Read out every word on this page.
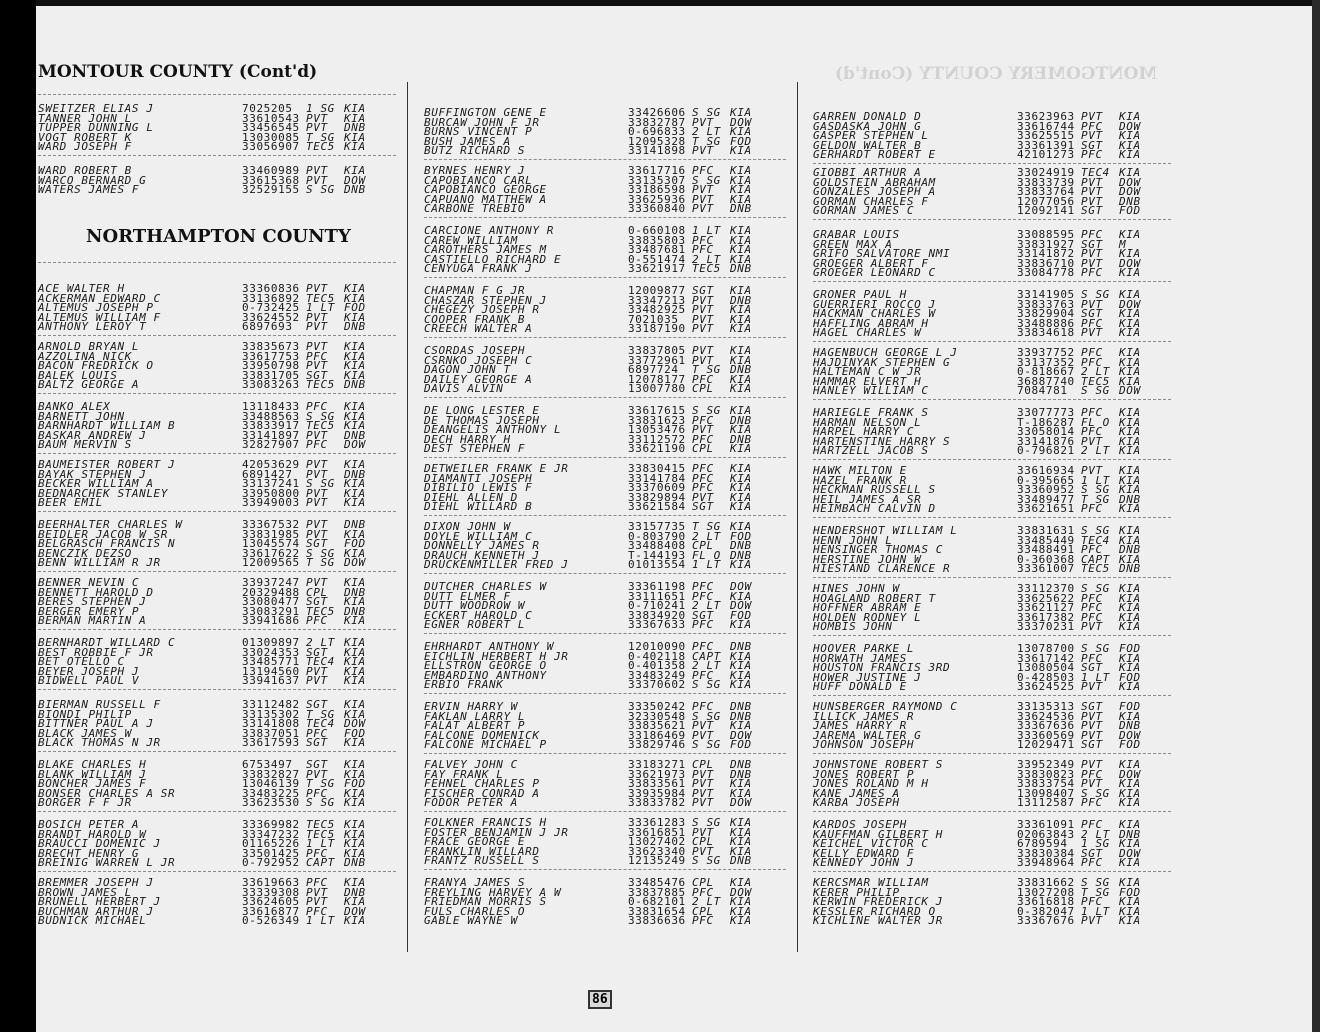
MONTGOMERY COUNTY (Cont'd)
MONTOUR COUNTY (Cont'd)
NORTHAMPTON COUNTY
SWEITZER ELIAS J	7025205 1 SG KIA
TANNER JOHN L	33610543 PVT KIA
TUPPER DUNNING L	33456545 PVT DNB
VOGT ROBERT K	13030085 T SG KIA
WARD JOSEPH F	33056907 TEC5 KIA
WARD ROBERT B	33460989 PVT KIA
WARCO BERNARD G	33615368 PVT DOW
WATERS JAMES F	32529155 S SG DNB
ACE WALTER H	33360836 PVT KIA
ACKERMAN EDWARD C	33136892 TEC5 KIA
ALTEMUS JOSEPH P	0-732425 1 LT FOD
ALTEMUS WILLIAM F	33624552 PVT KIA
ANTHONY LEROY T	6897693 PVT DNB
ARNOLD BRYAN L	33835673 PVT KIA
AZZOLINA NICK	33617753 PFC KIA
BACON FREDRICK O	33950798 PVT KIA
BALEK LOUIS	33831705 SGT KIA
BALTZ GEORGE A	33083263 TEC5 DNB
BANKO ALEX	13118433 PFC KIA
BARNETT JOHN	33488563 S SG KIA
BARNHARDT WILLIAM B	33833917 TEC5 KIA
BASKAR ANDREW J	33141897 PVT DNB
BAUM MERVIN S	32827907 PFC DOW
BAUMEISTER ROBERT J	42053629 PVT KIA
BAYAK STEPHEN J	6891427 PVT DNB
BECKER WILLIAM A	33137241 S SG KIA
BEDNARCHEK STANLEY	33950800 PVT KIA
BEER EMIL	33949003 PVT KIA
BEERHALTER CHARLES W	33367532 PVT DNB
BEIDLER JACOB W SR	33831985 PVT KIA
BELGRASCH FRANCIS N	13045574 SGT FOD
BENCZIK DEZSO	33617622 S SG KIA
BENN WILLIAM R JR	12009565 T SG DOW
BENNER NEVIN C	33937247 PVT KIA
BENNETT HAROLD D	20329488 CPL DNB
BERES STEPHEN J	33080477 SGT KIA
BERGER EMERY P	33083291 TEC5 DNB
BERMAN MARTIN A	33941686 PFC KIA
BERNHARDT WILLARD C	01309897 2 LT KIA
BEST ROBBIE F JR	33024353 SGT KIA
BET OTELLO C	33485771 TEC4 KIA
BEYER JOSEPH J	13194560 PVT KIA
BIDWELL PAUL V	33941637 PVT KIA
BIERMAN RUSSELL F	33112482 SGT KIA
BIONDI PHILIP	33135302 T SG KIA
BITTNER PAUL A J	33141808 TEC4 DOW
BLACK JAMES W	33837051 PFC FOD
BLACK THOMAS N JR	33617593 SGT KIA
BLAKE CHARLES H	6753497 SGT KIA
BLANK WILLIAM J	33832827 PVT KIA
BONCHER JAMES F	13046139 T SG FOD
BONSER CHARLES A SR	33483225 PFC KIA
BORGER F F JR	33623530 S SG KIA
BOSICH PETER A	33369982 TEC5 KIA
BRANDT HAROLD W	33347232 TEC5 KIA
BRAUCCI DOMENIC J	01165226 1 LT KIA
BRECHT HENRY G	33501425 PFC KIA
BREINIG WARREN L JR	0-792952 CAPT DNB
BREMMER JOSEPH J	33619663 PFC KIA
BROWN JAMES L	33339308 PVT DNB
BRUNELL HERBERT J	33624605 PVT KIA
BUCHMAN ARTHUR J	33616877 PFC DOW
BUDNICK MICHAEL	0-526349 1 LT KIA
BUFFINGTON GENE E	33426606 S SG KIA
BURCAW JOHN F JR	33832787 PVT DOW
BURNS VINCENT P	0-696833 2 LT KIA
BUSH JAMES A	12095328 T SG FOD
BUTZ RICHARD S	33141898 PVT KIA
BYRNES HENRY J	33617716 PFC KIA
CAPOBIANCO CARL	33135307 S SG KIA
CAPOBIANCO GEORGE	33186598 PVT KIA
CAPUANO MATTHEW A	33625936 PVT KIA
CARBONE TREBIO	33360840 PVT DNB
CARCIONE ANTHONY R	0-660108 1 LT KIA
CAREW WILLIAM	33835803 PFC KIA
CAROTHERS JAMES M	33487681 PFC KIA
CASTIELLO RICHARD E	0-551474 2 LT KIA
CENYUGA FRANK J	33621917 TEC5 DNB
CHAPMAN F G JR	12009877 SGT KIA
CHASZAR STEPHEN J	33347213 PVT DNB
CHEGEZY JOSEPH R	33482925 PVT KIA
COOPER FRANK B	7021035 PVT KIA
CREECH WALTER A	33187190 PVT KIA
CSORDAS JOSEPH	33837805 PVT KIA
CSRNKO JOSEPH C	33772961 PVT KIA
DAGON JOHN T	6897724 T SG DNB
DAILEY GEORGE A	12078177 PFC KIA
DAVIS ALVIN	13007780 CPL KIA
DE LONG LESTER E	33617615 S SG KIA
DE THOMAS JOSEPH	33831623 PFC DNB
DEANGELIS ANTHONY L	13053476 PVT KIA
DECH HARRY H	33112572 PFC DNB
DEST STEPHEN F	33621190 CPL KIA
DETWEILER FRANK E JR	33830415 PFC KIA
DIAMANTI JOSEPH	33141784 PFC KIA
DIBILIO LEWIS F	33370609 PFC KIA
DIEHL ALLEN D	33829894 PVT KIA
DIEHL WILLARD B	33621584 SGT KIA
DIXON JOHN W	33157735 T SG KIA
DOYLE WILLIAM C	0-803790 2 LT FOD
DONNELLY JAMES R	33488408 CPL DNB
DRAUCH KENNETH J	T-144193 FL O DNB
DRUCKENMILLER FRED J	01013554 1 LT KIA
DUTCHER CHARLES W	33361198 PFC DOW
DUTT ELMER F	33111651 PFC KIA
DUTT WOODROW W	0-710241 2 LT DOW
ECKERT HAROLD C	33834920 SGT FOD
EGNER ROBERT L	33367633 PFC KIA
EHRHARDT ANTHONY W	12010090 PFC DNB
EICHLIN HERBERT H JR	0-402118 CAPT KIA
ELLSTRON GEORGE O	0-401358 2 LT KIA
EMBARDINO ANTHONY	33483249 PFC KIA
ERBIO FRANK	33370602 S SG KIA
ERVIN HARRY W	33350242 PFC DNB
FAKLAN LARRY L	32330548 S SG DNB
FALAT ALBERT P	33835621 PVT KIA
FALCONE DOMENICK	33186469 PVT DOW
FALCONE MICHAEL P	33829746 S SG FOD
FALVEY JOHN C	33183271 CPL DNB
FAY FRANK L	33621973 PVT DNB
FEHNEL CHARLES P	33833561 PVT KIA
FISCHER CONRAD A	33935984 PVT KIA
FODOR PETER A	33833782 PVT DOW
FOLKNER FRANCIS H	33361283 S SG KIA
FOSTER BENJAMIN J JR	33616851 PVT KIA
FRACE GEORGE E	13027402 CPL KIA
FRANKLIN WILLARD	33623340 PVT KIA
FRANTZ RUSSELL S	12135249 S SG DNB
FRANYA JAMES S	33485476 CPL KIA
FREYLING HARVEY A W	33837885 PFC DOW
FRIEDMAN MORRIS S	0-682101 2 LT KIA
FULS CHARLES O	33831654 CPL KIA
GABLE WAYNE W	33836636 PFC KIA
GARREN DONALD D	33623963 PVT KIA
GASDASKA JOHN G	33616744 PFC DOW
GASPER STEPHEN L	33625515 PVT KIA
GELDON WALTER B	33361391 SGT KIA
GERHARDT ROBERT E	42101273 PFC KIA
GIOBBI ARTHUR A	33024919 TEC4 KIA
GOLDSTEIN ABRAHAM	33833739 PVT DOW
GONZALES JOSEPH A	33833764 PVT DOW
GORMAN CHARLES F	12077056 PVT DNB
GORMAN JAMES C	12092141 SGT FOD
GRABAR LOUIS	33088595 PFC KIA
GREEN MAX A	33831927 SGT M
GRIFO SALVATORE NMI	33141872 PVT KIA
GROEGER ALBERT F	33836710 PVT DOW
GROEGER LEONARD C	33084778 PFC KIA
GRONER PAUL H	33141905 S SG KIA
GUERRIERI ROCCO J	33833763 PVT DOW
HACKMAN CHARLES W	33829904 SGT KIA
HAFFLING ABRAM H	33488886 PFC KIA
HAGEL CHARLES W	33834618 PVT KIA
HAGENBUCH GEORGE L J	33937752 PFC KIA
HAJDINYAK STEPHEN G	33137352 PFC KIA
HALTEMAN C W JR	0-818667 2 LT KIA
HAMMAR ELVERT H	36887740 TEC5 KIA
HANLEY WILLIAM C	7084781 S SG DOW
HARIEGLE FRANK S	33077773 PFC KIA
HARMAN NELSON L	T-186287 FL O KIA
HARPEL HARRY C	33058014 PFC KIA
HARTENSTINE HARRY S	33141876 PVT KIA
HARTZELL JACOB S	0-796821 2 LT KIA
HAWK MILTON E	33616934 PVT KIA
HAZEL FRANK R	0-395665 1 LT KIA
HECKMAN RUSSELL S	33360952 S SG KIA
HEIL JAMES A SR	33489477 T SG DNB
HEIMBACH CALVIN D	33621651 PFC KIA
HENDERSHOT WILLIAM L	33831631 S SG KIA
HENN JOHN L	33485449 TEC4 KIA
HENSINGER THOMAS C	33488491 PFC DNB
HERSTINE JOHN W	0-360368 CAPT KIA
HIESTAND CLARENCE R	33361007 TEC5 DNB
HINES JOHN W	33112370 S SG KIA
HOAGLAND ROBERT T	33625622 PFC KIA
HOFFNER ABRAM E	33621127 PFC KIA
HOLDEN RODNEY L	33617382 PFC KIA
HOMBIS JOHN	33370231 PVT KIA
HOOVER PARKE L	13078700 S SG FOD
HORWATH JAMES	33617142 PFC KIA
HOUSTON FRANCIS 3RD	13080504 SGT KIA
HOWER JUSTINE J	0-428503 1 LT FOD
HUFF DONALD E	33624525 PVT KIA
HUNSBERGER RAYMOND C	33135313 SGT FOD
ILLICK JAMES R	33624536 PVT KIA
JAMES HARRY R	33367636 PVT DNB
JAREMA WALTER G	33360569 PVT DOW
JOHNSON JOSEPH	12029471 SGT FOD
JOHNSTONE ROBERT S	33952349 PVT KIA
JONES ROBERT P	33830823 PFC DOW
JONES ROLAND M H	33833754 PVT KIA
KANE JAMES A	13098407 S SG KIA
KARBA JOSEPH	13112587 PFC KIA
KARDOS JOSEPH	33361091 PFC KIA
KAUFFMAN GILBERT H	02063843 2 LT DNB
KEICHEL VICTOR C	6789594 1 SG KIA
KELLY EDWARD F	33830384 SGT DOW
KENNEDY JOHN J	33948964 PFC KIA
KERCSMAR WILLIAM	33831662 S SG KIA
KERER PHILIP	13027208 T SG FOD
KERWIN FREDERICK J	33616818 PFC KIA
KESSLER RICHARD O	0-382047 1 LT KIA
KICHLINE WALTER JR	33367676 PVT KIA
86
